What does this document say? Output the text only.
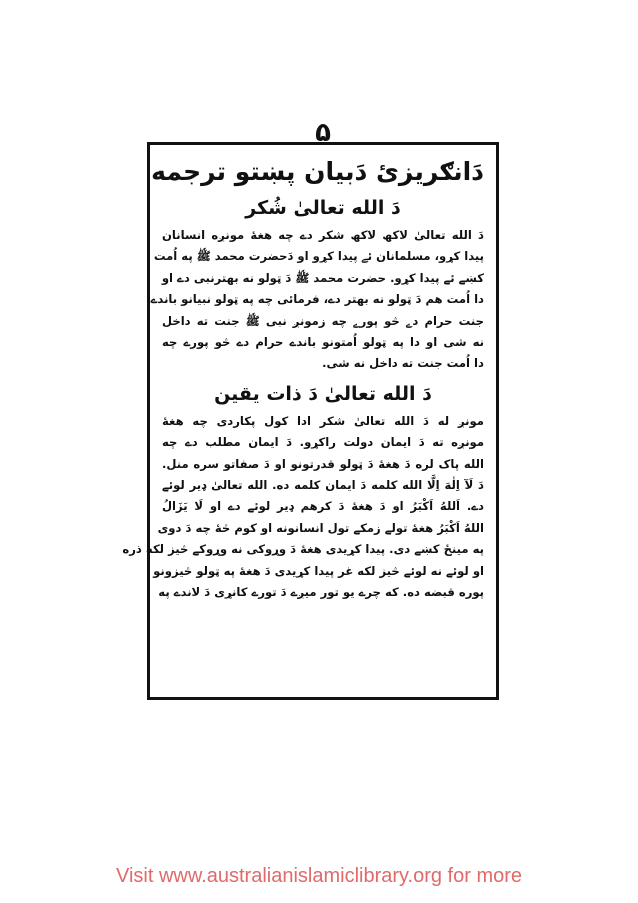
۵
دَانګریزیٔ دَبیان پښتو ترجمه
دَ الله تعالیٰ شُکر
دَ الله تعالیٰ لاکھ لاکھ شکر دے چه هغهٔ مونږه انسانان
پیدا کړو، مسلمانان ئے پیدا کړو او دَحضرت محمد ﷺ په اُمت
کښے ئے پیدا کړو. حضرت محمد ﷺ دَ ټولو نه بهترنبی دے او
دا اُمت هم دَ ټولو نه بهتر دے، فرمائی چه په ټولو نبیانو باندے
جنت حرام دے څو پورے چه زمونږ نبی ﷺ جنت ته داخل
نه شی او دا په ټولو اُمتونو باندے حرام دے څو پورے چه
دا اُمت جنت ته داخل نه شی.
دَ الله تعالیٰ دَ ذات یقین
مونږ له دَ الله تعالیٰ شکر ادا کول پکاردی چه هغهٔ
مونږه ته دَ ایمان دولت راکړو. دَ ایمان مطلب دے چه
الله پاک لره دَ هغهٔ دَ ټولو قدرتونو او دَ صفاتو سره منل.
دَ لَآ اِلٰهَ اِلَّا الله کلمه دَ ایمان کلمه ده. الله تعالیٰ ډیر لوئے
دے. اَللهُ اَکْبَرُ او دَ هغهٔ دَ کرهم ډیر لوئے دے او لَا یَزَالُ
اللهُ اَکْبَرُ هغهٔ تولے زمکے تول انسانونه او کوم څهٔ چه دَ دوی
په مینځ کښے دی. پیدا کړیدی هغهٔ دَ وړوکی نه وړوکے څیز لکه ذره
او لوئے نه لوئے څیز لکه غر پیدا کړیدی دَ هغهٔ په ټولو څیزونو
پوره قبضه ده. که چرے یو تور میږے دَ تورے کانړی دَ لاندے په
Visit www.australianislamiclibrary.org for more
